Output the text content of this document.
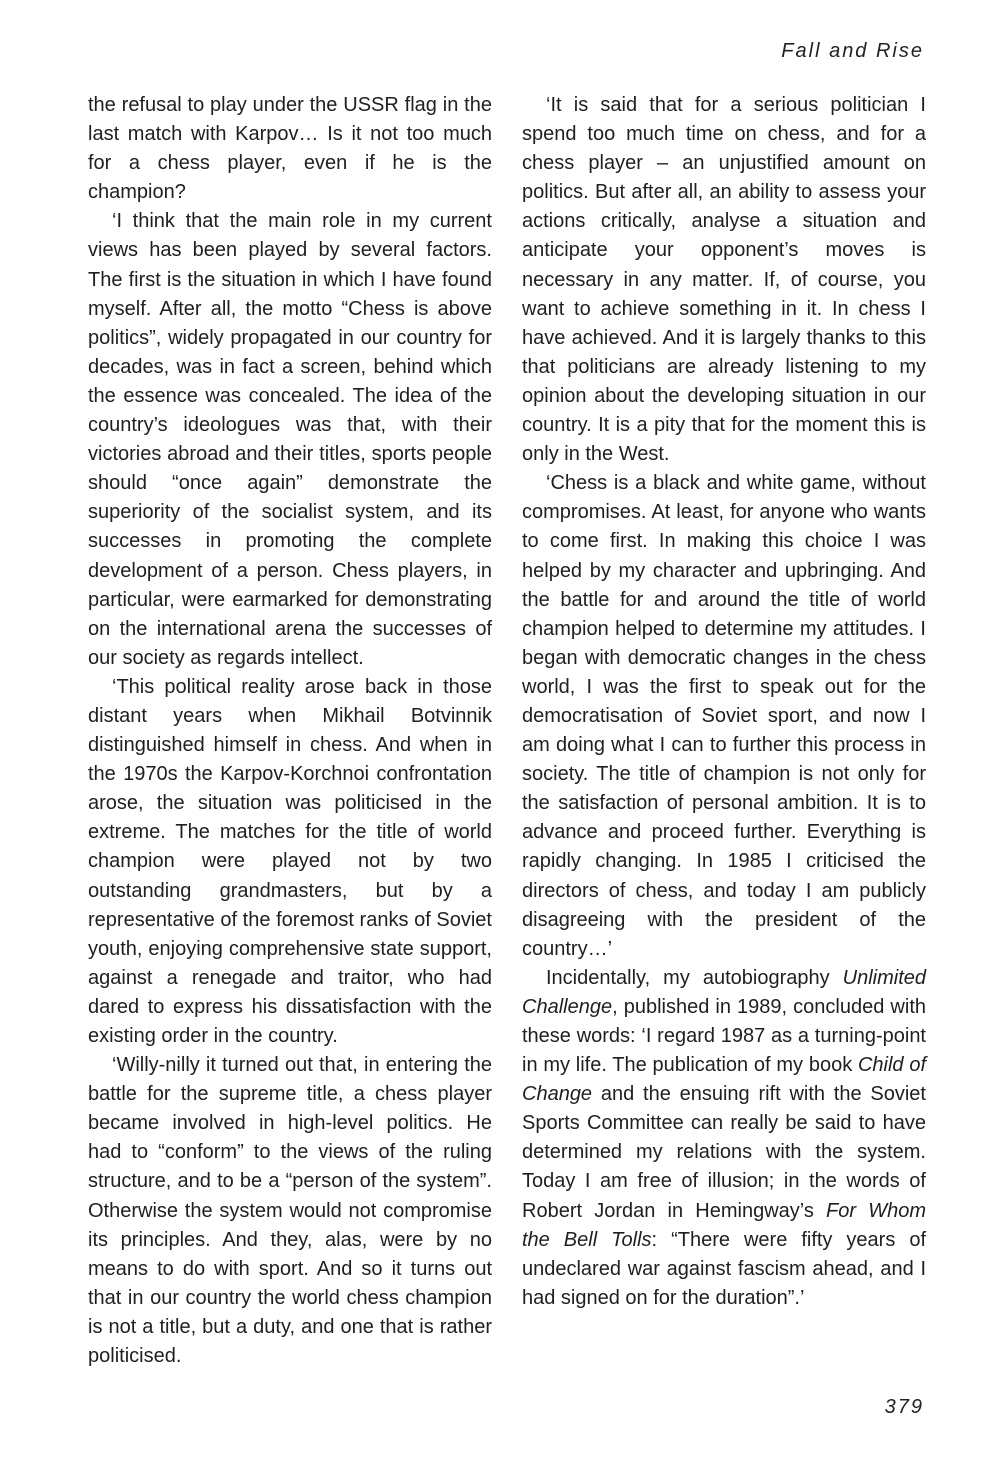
Fall and Rise

the refusal to play under the USSR flag in the last match with Karpov… Is it not too much for a chess player, even if he is the champion?

‘I think that the main role in my current views has been played by several factors. The first is the situation in which I have found myself. After all, the motto “Chess is above politics”, widely propagated in our country for decades, was in fact a screen, behind which the essence was concealed. The idea of the country’s ideologues was that, with their victories abroad and their titles, sports people should “once again” demonstrate the superiority of the socialist system, and its successes in promoting the complete development of a person. Chess players, in particular, were earmarked for demonstrating on the international arena the successes of our society as regards intellect.

‘This political reality arose back in those distant years when Mikhail Botvinnik distinguished himself in chess. And when in the 1970s the Karpov-Korchnoi confrontation arose, the situation was politicised in the extreme. The matches for the title of world champion were played not by two outstanding grandmasters, but by a representative of the foremost ranks of Soviet youth, enjoying comprehensive state support, against a renegade and traitor, who had dared to express his dissatisfaction with the existing order in the country.

‘Willy-nilly it turned out that, in entering the battle for the supreme title, a chess player became involved in high-level politics. He had to “conform” to the views of the ruling structure, and to be a “person of the system”. Otherwise the system would not compromise its principles. And they, alas, were by no means to do with sport. And so it turns out that in our country the world chess champion is not a title, but a duty, and one that is rather politicised.

‘It is said that for a serious politician I spend too much time on chess, and for a chess player – an unjustified amount on politics. But after all, an ability to assess your actions critically, analyse a situation and anticipate your opponent’s moves is necessary in any matter. If, of course, you want to achieve something in it. In chess I have achieved. And it is largely thanks to this that politicians are already listening to my opinion about the developing situation in our country. It is a pity that for the moment this is only in the West.

‘Chess is a black and white game, without compromises. At least, for anyone who wants to come first. In making this choice I was helped by my character and upbringing. And the battle for and around the title of world champion helped to determine my attitudes. I began with democratic changes in the chess world, I was the first to speak out for the democratisation of Soviet sport, and now I am doing what I can to further this process in society. The title of champion is not only for the satisfaction of personal ambition. It is to advance and proceed further. Everything is rapidly changing. In 1985 I criticised the directors of chess, and today I am publicly disagreeing with the president of the country…’

Incidentally, my autobiography Unlimited Challenge, published in 1989, concluded with these words: ‘I regard 1987 as a turning-point in my life. The publication of my book Child of Change and the ensuing rift with the Soviet Sports Committee can really be said to have determined my relations with the system. Today I am free of illusion; in the words of Robert Jordan in Hemingway’s For Whom the Bell Tolls: “There were fifty years of undeclared war against fascism ahead, and I had signed on for the duration”.’

379
